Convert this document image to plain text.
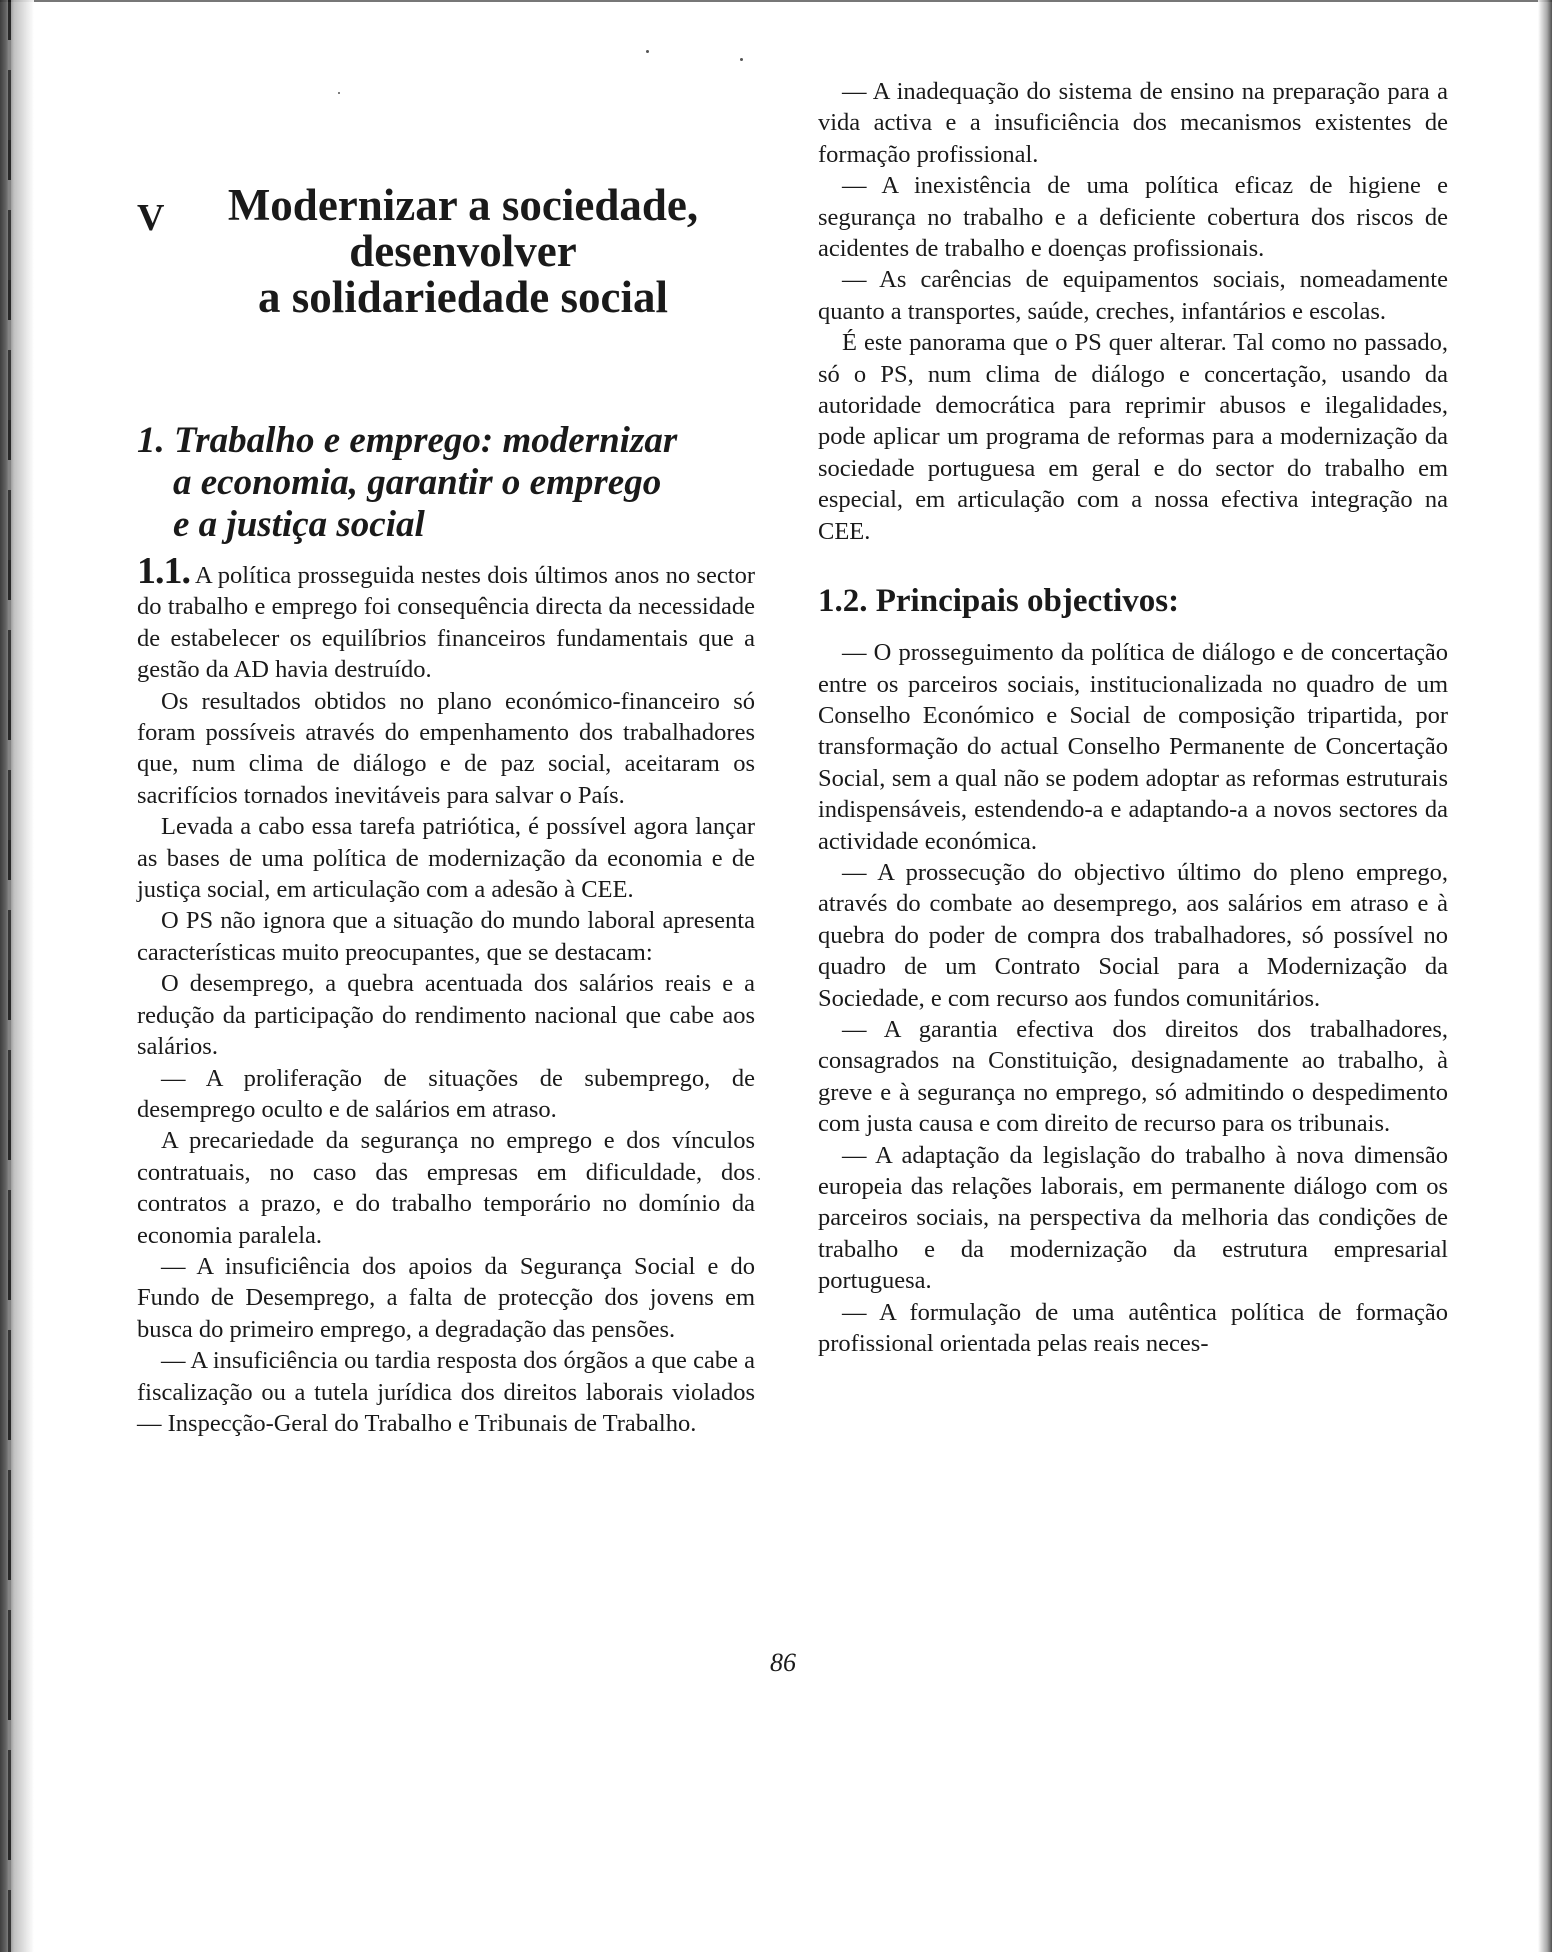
V	Modernizar a sociedade,
desenvolver
a solidariedade social
1. Trabalho e emprego: modernizar
a economia, garantir o emprego
e a justiça social

1.1. A política prosseguida nestes dois últimos anos no sector do trabalho e emprego foi consequência directa da necessidade de estabelecer os equilíbrios financeiros fundamentais que a gestão da AD havia destruído.

Os resultados obtidos no plano económico-financeiro só foram possíveis através do empenhamento dos trabalhadores que, num clima de diálogo e de paz social, aceitaram os sacrifícios tornados inevitáveis para salvar o País.

Levada a cabo essa tarefa patriótica, é possível agora lançar as bases de uma política de modernização da economia e de justiça social, em articulação com a adesão à CEE.

O PS não ignora que a situação do mundo laboral apresenta características muito preocupantes, que se destacam:

O desemprego, a quebra acentuada dos salários reais e a redução da participação do rendimento nacional que cabe aos salários.

— A proliferação de situações de subemprego, de desemprego oculto e de salários em atraso.

A precariedade da segurança no emprego e dos vínculos contratuais, no caso das empresas em dificuldade, dos contratos a prazo, e do trabalho temporário no domínio da economia paralela.

— A insuficiência dos apoios da Segurança Social e do Fundo de Desemprego, a falta de protecção dos jovens em busca do primeiro emprego, a degradação das pensões.

— A insuficiência ou tardia resposta dos órgãos a que cabe a fiscalização ou a tutela jurídica dos direitos laborais violados — Inspecção-Geral do Trabalho e Tribunais de Trabalho.

— A inadequação do sistema de ensino na preparação para a vida activa e a insuficiência dos mecanismos existentes de formação profissional.

— A inexistência de uma política eficaz de higiene e segurança no trabalho e a deficiente cobertura dos riscos de acidentes de trabalho e doenças profissionais.

— As carências de equipamentos sociais, nomeadamente quanto a transportes, saúde, creches, infantários e escolas.

É este panorama que o PS quer alterar. Tal como no passado, só o PS, num clima de diálogo e concertação, usando da autoridade democrática para reprimir abusos e ilegalidades, pode aplicar um programa de reformas para a modernização da sociedade portuguesa em geral e do sector do trabalho em especial, em articulação com a nossa efectiva integração na CEE.

1.2. Principais objectivos:

— O prosseguimento da política de diálogo e de concertação entre os parceiros sociais, institucionalizada no quadro de um Conselho Económico e Social de composição tripartida, por transformação do actual Conselho Permanente de Concertação Social, sem a qual não se podem adoptar as reformas estruturais indispensáveis, estendendo-a e adaptando-a a novos sectores da actividade económica.

— A prossecução do objectivo último do pleno emprego, através do combate ao desemprego, aos salários em atraso e à quebra do poder de compra dos trabalhadores, só possível no quadro de um Contrato Social para a Modernização da Sociedade, e com recurso aos fundos comunitários.

— A garantia efectiva dos direitos dos trabalhadores, consagrados na Constituição, designadamente ao trabalho, à greve e à segurança no emprego, só admitindo o despedimento com justa causa e com direito de recurso para os tribunais.

— A adaptação da legislação do trabalho à nova dimensão europeia das relações laborais, em permanente diálogo com os parceiros sociais, na perspectiva da melhoria das condições de trabalho e da modernização da estrutura empresarial portuguesa.

— A formulação de uma autêntica política de formação profissional orientada pelas reais neces-

86
